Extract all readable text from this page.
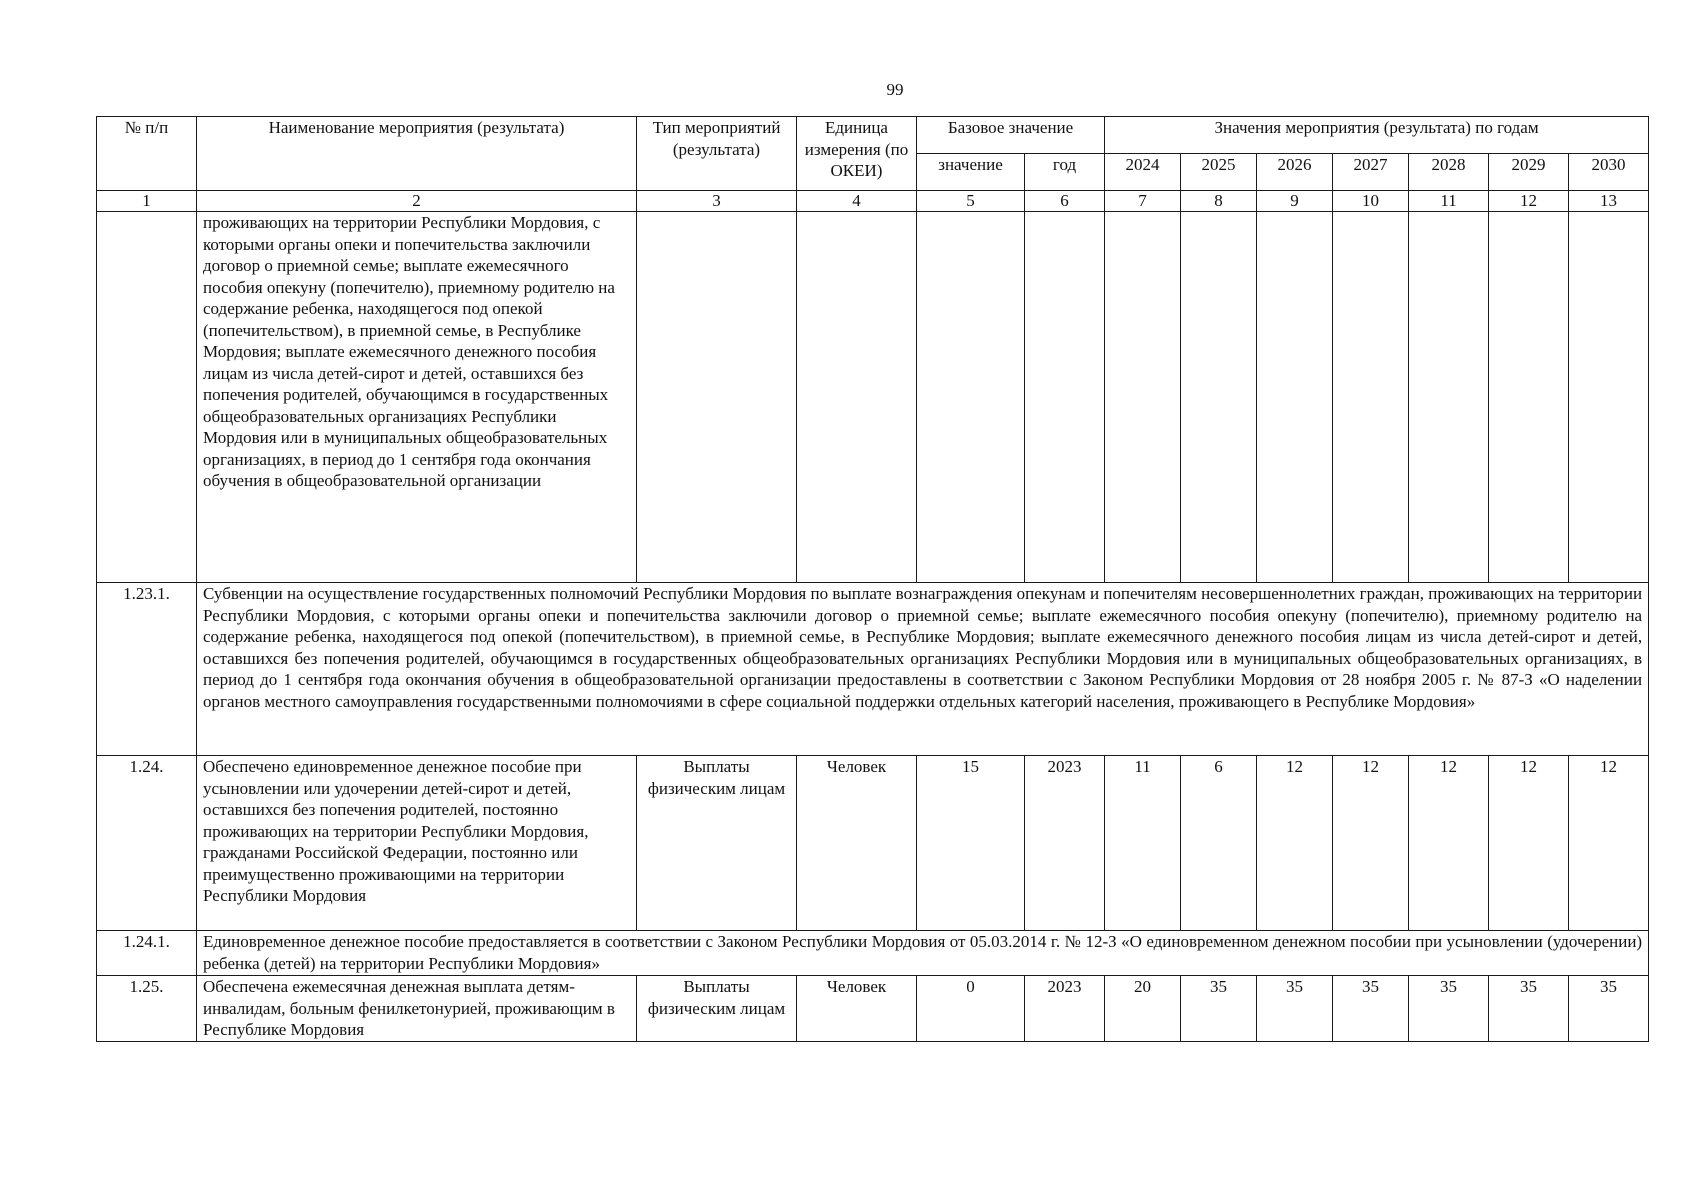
99
№ п/п	Наименование мероприятия (результата)	Тип мероприятий (результата)	Единица измерения (по ОКЕИ)	Базовое значение		Значения мероприятия (результата) по годам						
				значение	год	2024	2025	2026	2027	2028	2029	2030
1	2	3	4	5	6	7	8	9	10	11	12	13
	проживающих на территории Республики Мордовия, с которыми органы опеки и попечительства заключили договор о приемной семье; выплате ежемесячного пособия опекуну (попечителю), приемному родителю на содержание ребенка, находящегося под опекой (попечительством), в приемной семье, в Республике Мордовия; выплате ежемесячного денежного пособия лицам из числа детей-сирот и детей, оставшихся без попечения родителей, обучающимся в государственных общеобразовательных организациях Республики Мордовия или в муниципальных общеобразовательных организациях, в период до 1 сентября года окончания обучения в общеобразовательной организации											
1.23.1.	Субвенции на осуществление государственных полномочий Республики Мордовия по выплате вознаграждения опекунам и попечителям несовершеннолетних граждан, проживающих на территории Республики Мордовия, с которыми органы опеки и попечительства заключили договор о приемной семье; выплате ежемесячного пособия опекуну (попечителю), приемному родителю на содержание ребенка, находящегося под опекой (попечительством), в приемной семье, в Республике Мордовия; выплате ежемесячного денежного пособия лицам из числа детей-сирот и детей, оставшихся без попечения родителей, обучающимся в государственных общеобразовательных организациях Республики Мордовия или в муниципальных общеобразовательных организациях, в период до 1 сентября года окончания обучения в общеобразовательной организации предоставлены в соответствии с Законом Республики Мордовия от 28 ноября 2005 г. № 87-З «О наделении органов местного самоуправления государственными полномочиями в сфере социальной поддержки отдельных категорий населения, проживающего в Республике Мордовия»											
1.24.	Обеспечено единовременное денежное пособие при усыновлении или удочерении детей-сирот и детей, оставшихся без попечения родителей, постоянно проживающих на территории Республики Мордовия, гражданами Российской Федерации, постоянно или преимущественно проживающими на территории Республики Мордовия	Выплаты физическим лицам	Человек	15	2023	11	6	12	12	12	12	12
1.24.1.	Единовременное денежное пособие предоставляется в соответствии с Законом Республики Мордовия от 05.03.2014 г. № 12-З «О единовременном денежном пособии при усыновлении (удочерении) ребенка (детей) на территории Республики Мордовия»											
1.25.	Обеспечена ежемесячная денежная выплата детям-инвалидам, больным фенилкетонурией, проживающим в Республике Мордовия	Выплаты физическим лицам	Человек	0	2023	20	35	35	35	35	35	35
